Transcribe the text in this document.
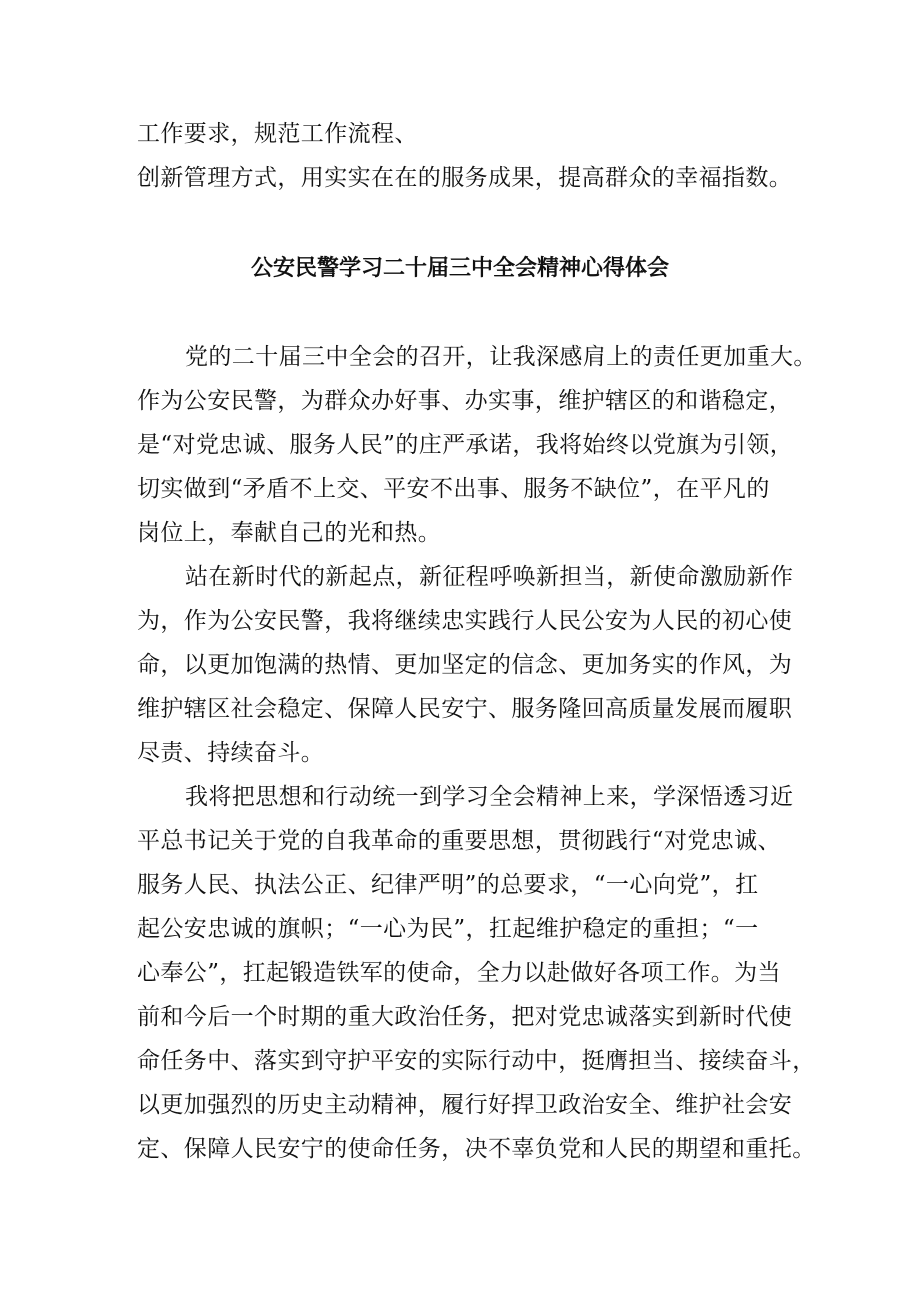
工作要求，规范工作流程、
创新管理方式，用实实在在的服务成果，提高群众的幸福指数。
公安民警学习二十届三中全会精神心得体会
党的二十届三中全会的召开，让我深感肩上的责任更加重大。
作为公安民警，为群众办好事、办实事，维护辖区的和谐稳定，
是“对党忠诚、服务人民”的庄严承诺，我将始终以党旗为引领，
切实做到“矛盾不上交、平安不出事、服务不缺位”，在平凡的
岗位上，奉献自己的光和热。
站在新时代的新起点，新征程呼唤新担当，新使命激励新作
为，作为公安民警，我将继续忠实践行人民公安为人民的初心使
命，以更加饱满的热情、更加坚定的信念、更加务实的作风，为
维护辖区社会稳定、保障人民安宁、服务隆回高质量发展而履职
尽责、持续奋斗。
我将把思想和行动统一到学习全会精神上来，学深悟透习近
平总书记关于党的自我革命的重要思想，贯彻践行“对党忠诚、
服务人民、执法公正、纪律严明”的总要求，“一心向党”，扛
起公安忠诚的旗帜；“一心为民”，扛起维护稳定的重担；“一
心奉公”，扛起锻造铁军的使命，全力以赴做好各项工作。为当
前和今后一个时期的重大政治任务，把对党忠诚落实到新时代使
命任务中、落实到守护平安的实际行动中，挺膺担当、接续奋斗，
以更加强烈的历史主动精神，履行好捍卫政治安全、维护社会安
定、保障人民安宁的使命任务，决不辜负党和人民的期望和重托。
